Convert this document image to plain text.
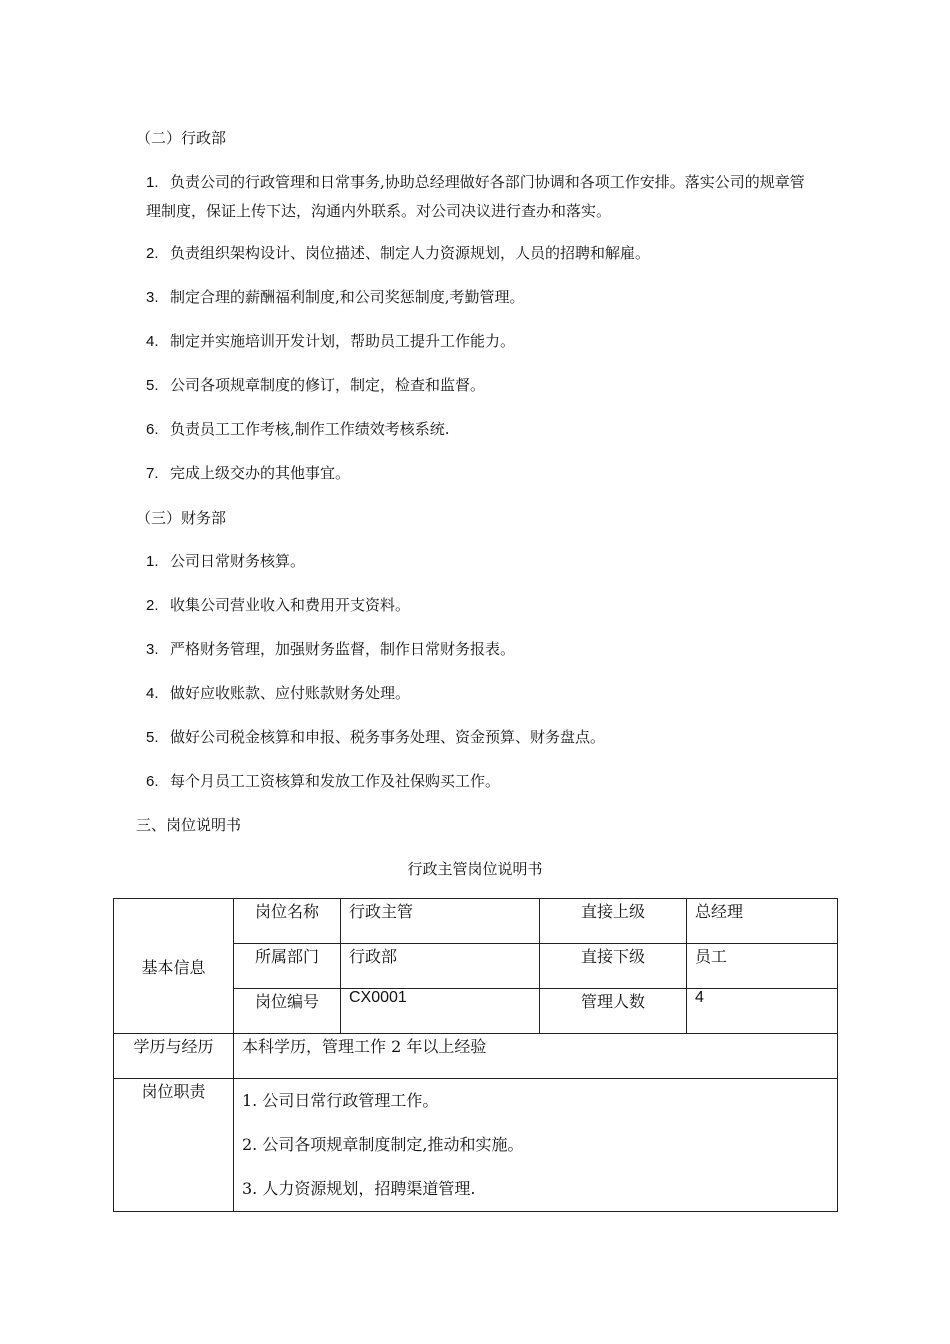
（二）行政部
1. 负责公司的行政管理和日常事务,协助总经理做好各部门协调和各项工作安排。落实公司的规章管理制度，保证上传下达，沟通内外联系。对公司决议进行查办和落实。
2. 负责组织架构设计、岗位描述、制定人力资源规划，人员的招聘和解雇。
3. 制定合理的薪酬福利制度,和公司奖惩制度,考勤管理。
4. 制定并实施培训开发计划，帮助员工提升工作能力。
5. 公司各项规章制度的修订，制定，检查和监督。
6. 负责员工工作考核,制作工作绩效考核系统.
7. 完成上级交办的其他事宜。
（三）财务部
1. 公司日常财务核算。
2. 收集公司营业收入和费用开支资料。
3. 严格财务管理，加强财务监督，制作日常财务报表。
4. 做好应收账款、应付账款财务处理。
5. 做好公司税金核算和申报、税务事务处理、资金预算、财务盘点。
6. 每个月员工工资核算和发放工作及社保购买工作。
三、岗位说明书
行政主管岗位说明书
基本信息	岗位名称	行政主管	直接上级	总经理
	所属部门	行政部	直接下级	员工
	岗位编号	CX0001	管理人数	4
学历与经历	本科学历，管理工作 2 年以上经验			
岗位职责	1. 公司日常行政管理工作。
2. 公司各项规章制度制定,推动和实施。
3. 人力资源规划，招聘渠道管理.			
